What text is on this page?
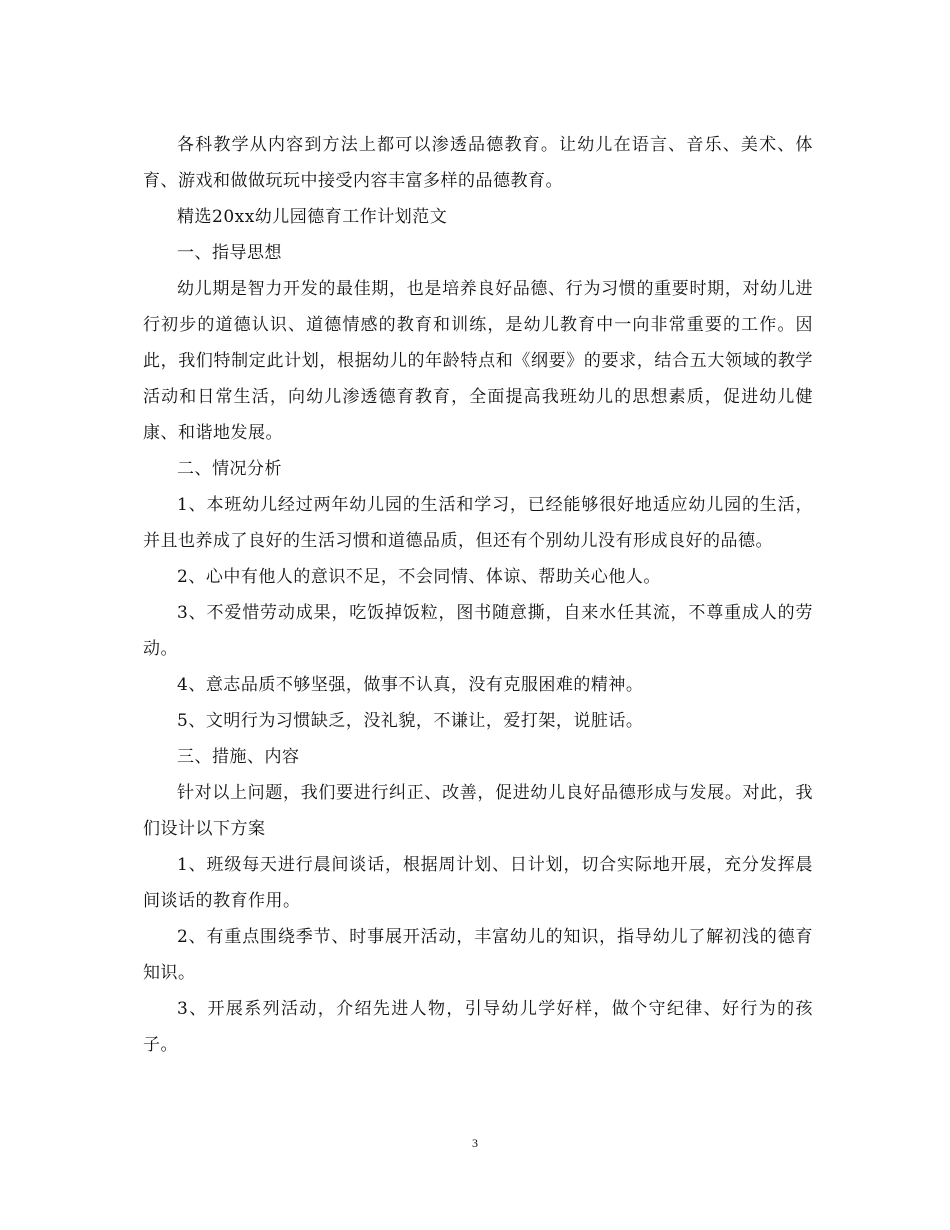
各科教学从内容到方法上都可以渗透品德教育。让幼儿在语言、音乐、美术、体育、游戏和做做玩玩中接受内容丰富多样的品德教育。

精选20xx幼儿园德育工作计划范文

一、指导思想

幼儿期是智力开发的最佳期，也是培养良好品德、行为习惯的重要时期，对幼儿进行初步的道德认识、道德情感的教育和训练，是幼儿教育中一向非常重要的工作。因此，我们特制定此计划，根据幼儿的年龄特点和《纲要》的要求，结合五大领域的教学活动和日常生活，向幼儿渗透德育教育，全面提高我班幼儿的思想素质，促进幼儿健康、和谐地发展。

二、情况分析

1、本班幼儿经过两年幼儿园的生活和学习，已经能够很好地适应幼儿园的生活，并且也养成了良好的生活习惯和道德品质，但还有个别幼儿没有形成良好的品德。

2、心中有他人的意识不足，不会同情、体谅、帮助关心他人。

3、不爱惜劳动成果，吃饭掉饭粒，图书随意撕，自来水任其流，不尊重成人的劳动。

4、意志品质不够坚强，做事不认真，没有克服困难的精神。

5、文明行为习惯缺乏，没礼貌，不谦让，爱打架，说脏话。

三、措施、内容

针对以上问题，我们要进行纠正、改善，促进幼儿良好品德形成与发展。对此，我们设计以下方案

1、班级每天进行晨间谈话，根据周计划、日计划，切合实际地开展，充分发挥晨间谈话的教育作用。

2、有重点围绕季节、时事展开活动，丰富幼儿的知识，指导幼儿了解初浅的德育知识。

3、开展系列活动，介绍先进人物，引导幼儿学好样，做个守纪律、好行为的孩子。

3
